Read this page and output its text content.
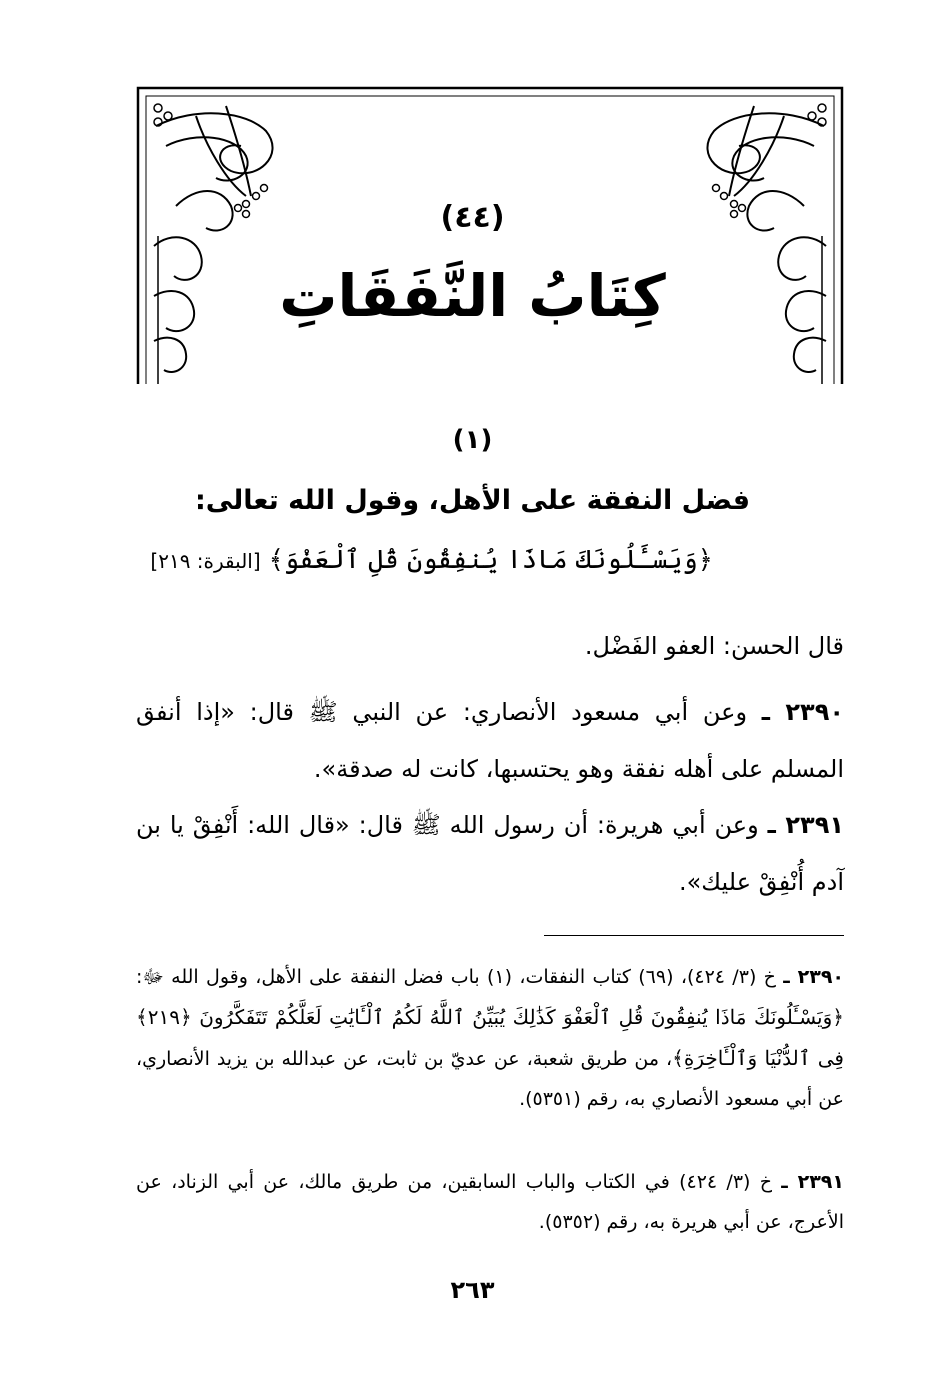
(٤٤)
كِتَابُ النَّفَقَاتِ
(١)
فضل النفقة على الأهل، وقول الله تعالى:
﴿وَيَسْـَٔلُونَكَ مَاذَا يُنفِقُونَ قُلِ ٱلْعَفْوَ﴾ [البقرة: ٢١٩]
قال الحسن: العفو الفَضْل.
٢٣٩٠ ـ وعن أبي مسعود الأنصاري: عن النبي ﷺ قال: «إذا أنفق المسلم على أهله نفقة وهو يحتسبها، كانت له صدقة».
٢٣٩١ ـ وعن أبي هريرة: أن رسول الله ﷺ قال: «قال الله: أَنْفِقْ يا بن آدم أُنْفِقْ عليك».
٢٣٩٠ ـ خ (٣/ ٤٢٤)، (٦٩) كتاب النفقات، (١) باب فضل النفقة على الأهل، وقول الله ﷻ: ﴿وَيَسْـَٔلُونَكَ مَاذَا يُنفِقُونَ قُلِ ٱلْعَفْوَ كَذَٰلِكَ يُبَيِّنُ ٱللَّهُ لَكُمُ ٱلْـَٔايَٰتِ لَعَلَّكُمْ تَتَفَكَّرُونَ ﴿٢١٩﴾ فِى ٱلدُّنْيَا وَٱلْـَٔاخِرَةِ﴾، من طريق شعبة، عن عديّ بن ثابت، عن عبدالله بن يزيد الأنصاري، عن أبي مسعود الأنصاري به، رقم (٥٣٥١).
٢٣٩١ ـ خ (٣/ ٤٢٤) في الكتاب والباب السابقين، من طريق مالك، عن أبي الزناد، عن الأعرج، عن أبي هريرة به، رقم (٥٣٥٢).
٢٦٣
